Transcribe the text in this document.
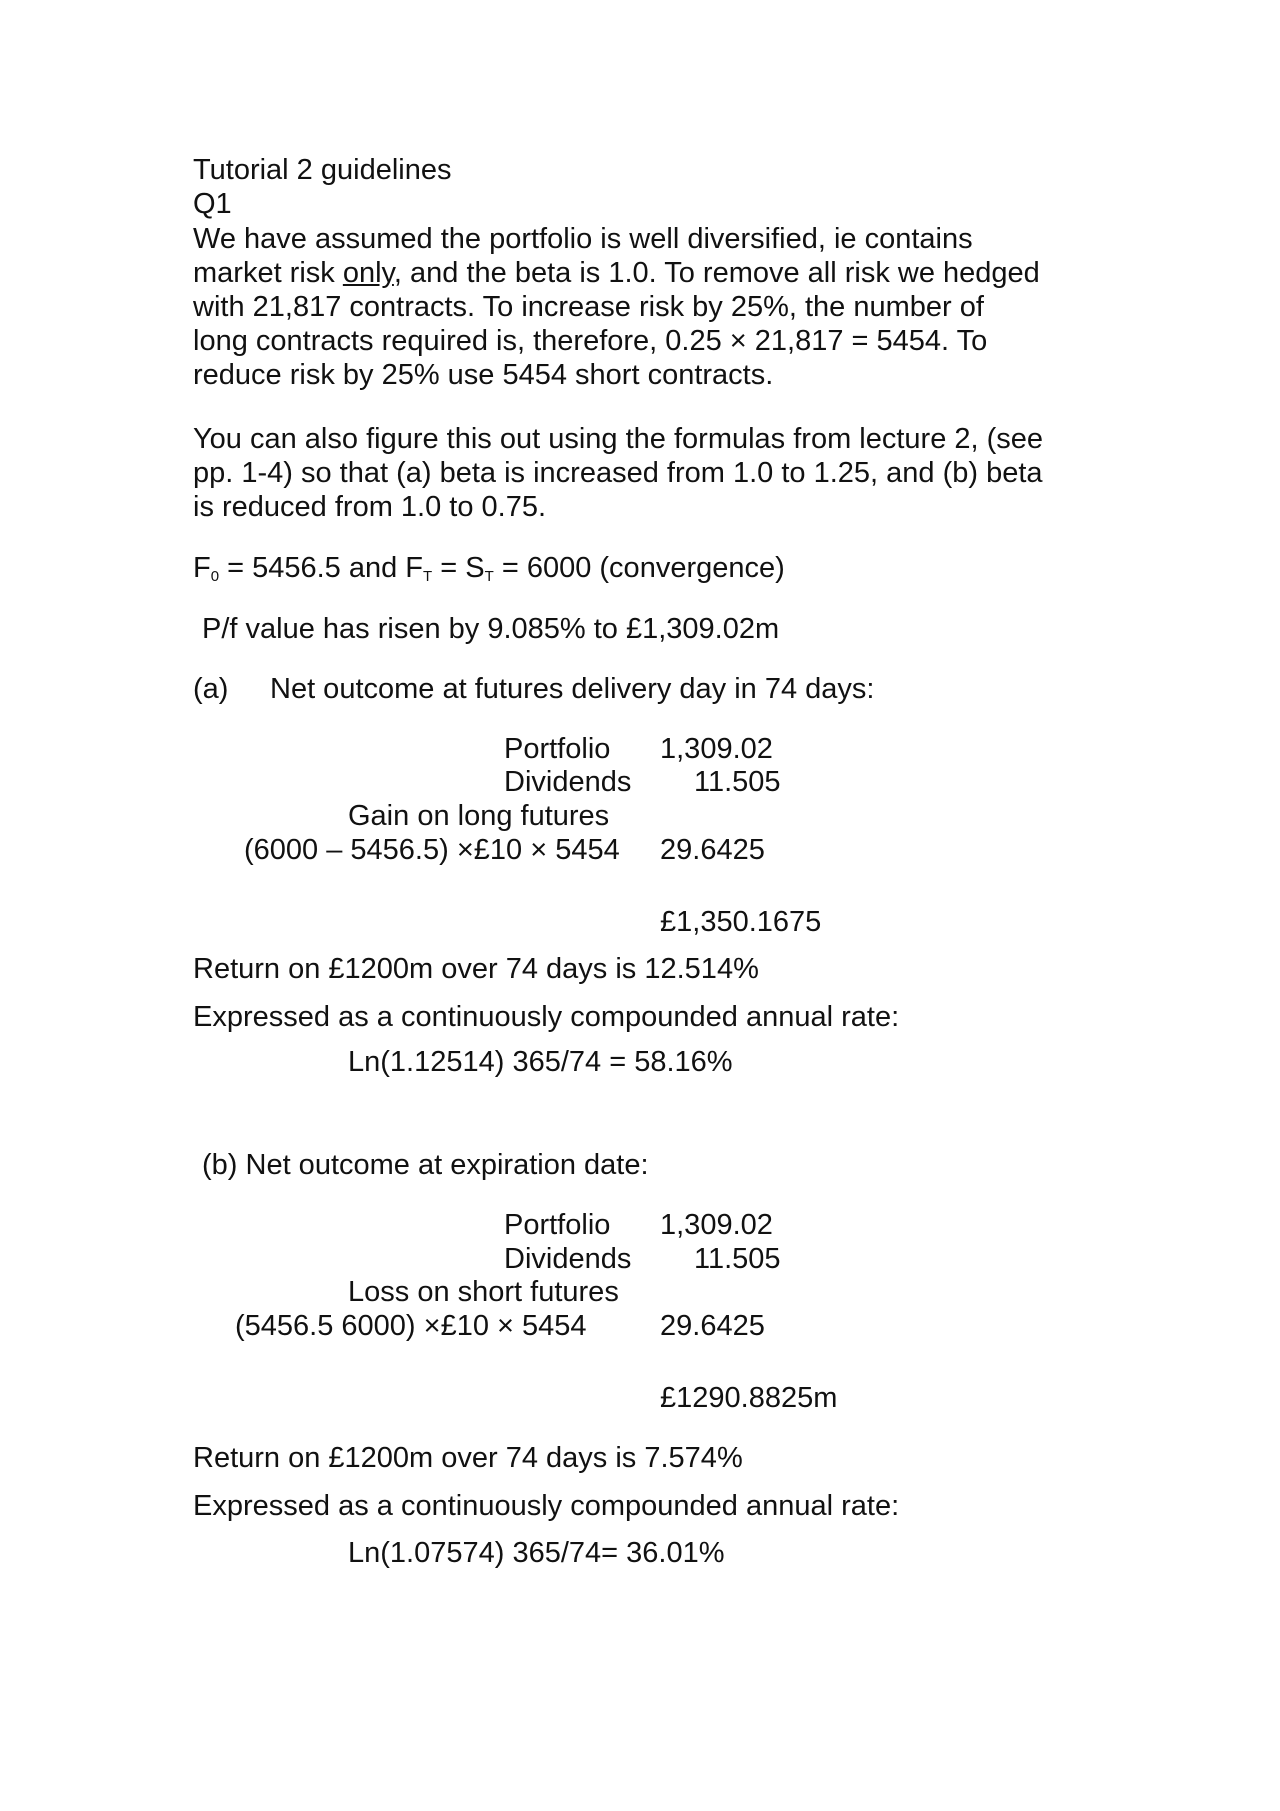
Tutorial 2 guidelines
Q1
We have assumed the portfolio is well diversified, ie contains
market risk only, and the beta is 1.0. To remove all risk we hedged
with 21,817 contracts. To increase risk by 25%, the number of
long contracts required is, therefore, 0.25 × 21,817 = 5454. To
reduce risk by 25% use 5454 short contracts.
You can also figure this out using the formulas from lecture 2, (see
pp. 1-4) so that (a) beta is increased from 1.0 to 1.25, and (b) beta
is reduced from 1.0 to 0.75.
$F_0 = 5456.5$ and $F_T = S_T = 6000$ (convergence)
P/f value has risen by 9.085% to £1,309.02m
(a) Net outcome at futures delivery day in 74 days:
Portfolio 1,309.02
Dividends 11.505
Gain on long futures
(6000 – 5456.5) ×£10 × 5454 29.6425
£1,350.1675
Return on £1200m over 74 days is 12.514%
Expressed as a continuously compounded annual rate:
Ln(1.12514) 365/74 = 58.16%
(b) Net outcome at expiration date:
Portfolio 1,309.02
Dividends 11.505
Loss on short futures
(5456.5 6000) ×£10 × 5454	29.6425
£1290.8825m
Return on £1200m over 74 days is 7.574%
Expressed as a continuously compounded annual rate:
Ln(1.07574) 365/74= 36.01%
